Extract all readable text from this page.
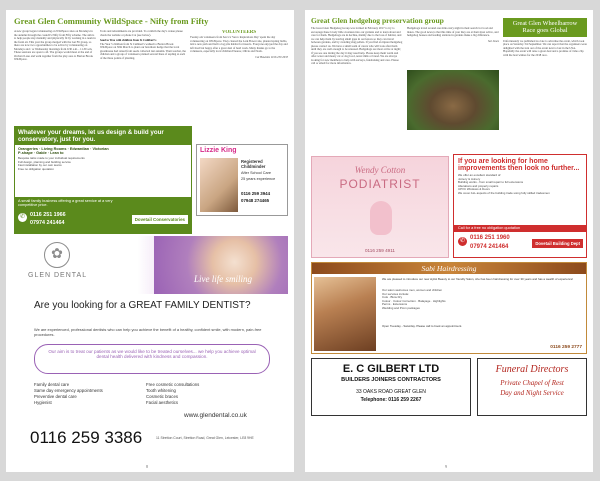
Great Glen Community WildSpace - Nifty from Fifty
A new group began volunteering on WildSpace sites on Mondays in the autumn through the council's Nifty from Fifty scheme. The aim is to help people stay mentally and physically fit by working in a team in the fresh air. This year the group merged with the Get Fit group, so there are now two opportunities to be active by volunteering on Mondays and / or Wednesday mornings from 9.30 a.m. - 11.30 a.m. These sessions are open to all. The groups would meet at the end of Orchard Lane and walk together from the play area to Burton Brook WildSpace.
Tools and refreshments are provided. To confirm the day's venue please check the website or phone Cat (see below).
Seed to Tree with children from St Cuthbert's
The Year 5 children from St Cuthbert's walked to Burton Brook WildSpace on 30th March to plant our hawthorn hedge that the local greenhouse had raised from seeds collected last autumn. Their teacher, the children and a group of volunteers planted several lines of sapling at each of the three points of planting.
VOLUNTEERS
Twenty-six volunteers from Serco's 'Serco Inspirations Day' spent the day volunteering on WildSpace. They cleared the Lark Bower site, planted spring bulbs, laid a new path and built a log pile habitat for insects. Everyone enjoyed the day and left tired but happy after a great deal of hard work. Many thanks go to the volunteers, especially local children Eleanor, Olivia and Noah.
Cat Hawkins 0116 259 2933
Whatever your dreams, let us design & build your conservatory, just for you.
Orangeries · Living Rooms · Edwardian · Victorian
P-shape · Gable · Lean to
Bespoke tailor-made to your individual requirements
Full design, planning and building service
Fast installation by our own teams
Free no obligation quotation
A small family business offering a great service at a very competitive price.
✆ 0116 251 1966
07974 241464
Dovetail Conservatories
Lizzie King
Registered Childminder
After School Care
25 years experience
0116 259 3944
07948 274465
✿
GLEN DENTAL	Live life smiling
Are you looking for a GREAT FAMILY DENTIST?
We are experienced, professional dentists who can help you achieve the benefit of a healthy, confident smile, with modern, pain-free procedures.
Our aim is to treat our patients as we would like to be treated ourselves... we help you achieve optimal dental health delivered with kindness and compassion.
Family dental care
Same day emergency appointments
Preventive dental care
Hygienist
Free cosmetic consultations
Tooth whitening
Cosmetic braces
Facial aesthetics
www.glendental.co.uk
0116 259 3386	11 Stretton Court, Stretton Road, Great Glen, Leicester, LE8 9HE
8
Great Glen hedgehog preservation group
The Great Glen Hedgehog Group was formed in February 2017 to try to encourage these lovely little creatures into our gardens and to learn about and care for them. Hedgehogs are in decline, mainly due to the loss of habitat, and we can help them by leaving small gaps in our fences so they can travel between gardens, and by avoiding slug pellets. If you find an injured hedgehog please contact us. We have a small team of carers who will look after them until they are well enough to be released. Hedgehogs are most active at night; if you see one during the day it may need help. Please keep them warm and offer water and meaty cat or dog food, never milk or bread. We are always looking for new members to help with surveys, fundraising and care. Please call or email for more information.
Hedgehogs travel around one mile every night in their search for food and mates. The good news is that this time of year they are at their most active, and hedgehog houses and feeding stations in gardens make a big difference.
Sal Jones
Great Glen Wheelbarrow Race goes Global
Unfortunately we published too late to advertise the event, which took place on Saturday 3rd September. We can report that the organisers were delighted with the turn out of the event next to last in the USA. Hopefully the event will raise a great deal and a promise of video clip with the best wishes for the 2018 race.
If you are looking for home
improvements then look no further...
We offer an excellent standard of:
Joinery & Joinery
Building works - from small repair to full extensions
Alterations and property repairs
UPVC Windows & Doors
We cover ALL aspects of the building trade using fully skilled tradesmen
Call for a free no obligation quotation
✆ 0116 251 1960
07974 241464
Dovetail Building Dept
Wendy Cotton
PODIATRIST
0116 259 4911
Sabi Hairdressing
We are pleased to introduce our new stylist Beauty to our friendly Salon, she has been hairdressing for over 30 years and has a wealth of experience!
Our salon welcomes men, women and children
Our services include:
Cuts · Blow Dry
Colour · Colour Correction · Balayage · Highlights
Perms · Extensions
Wedding and Prom packages
Open Tuesday - Saturday. Please call to book an appointment.
0116 259 2777
E. C GILBERT LTD
BUILDERS JOINERS CONTRACTORS
33 OAKS ROAD GREAT GLEN
Telephone: 0116 259 2267
Funeral Directors
Private Chapel of Rest
Day and Night Service
9
